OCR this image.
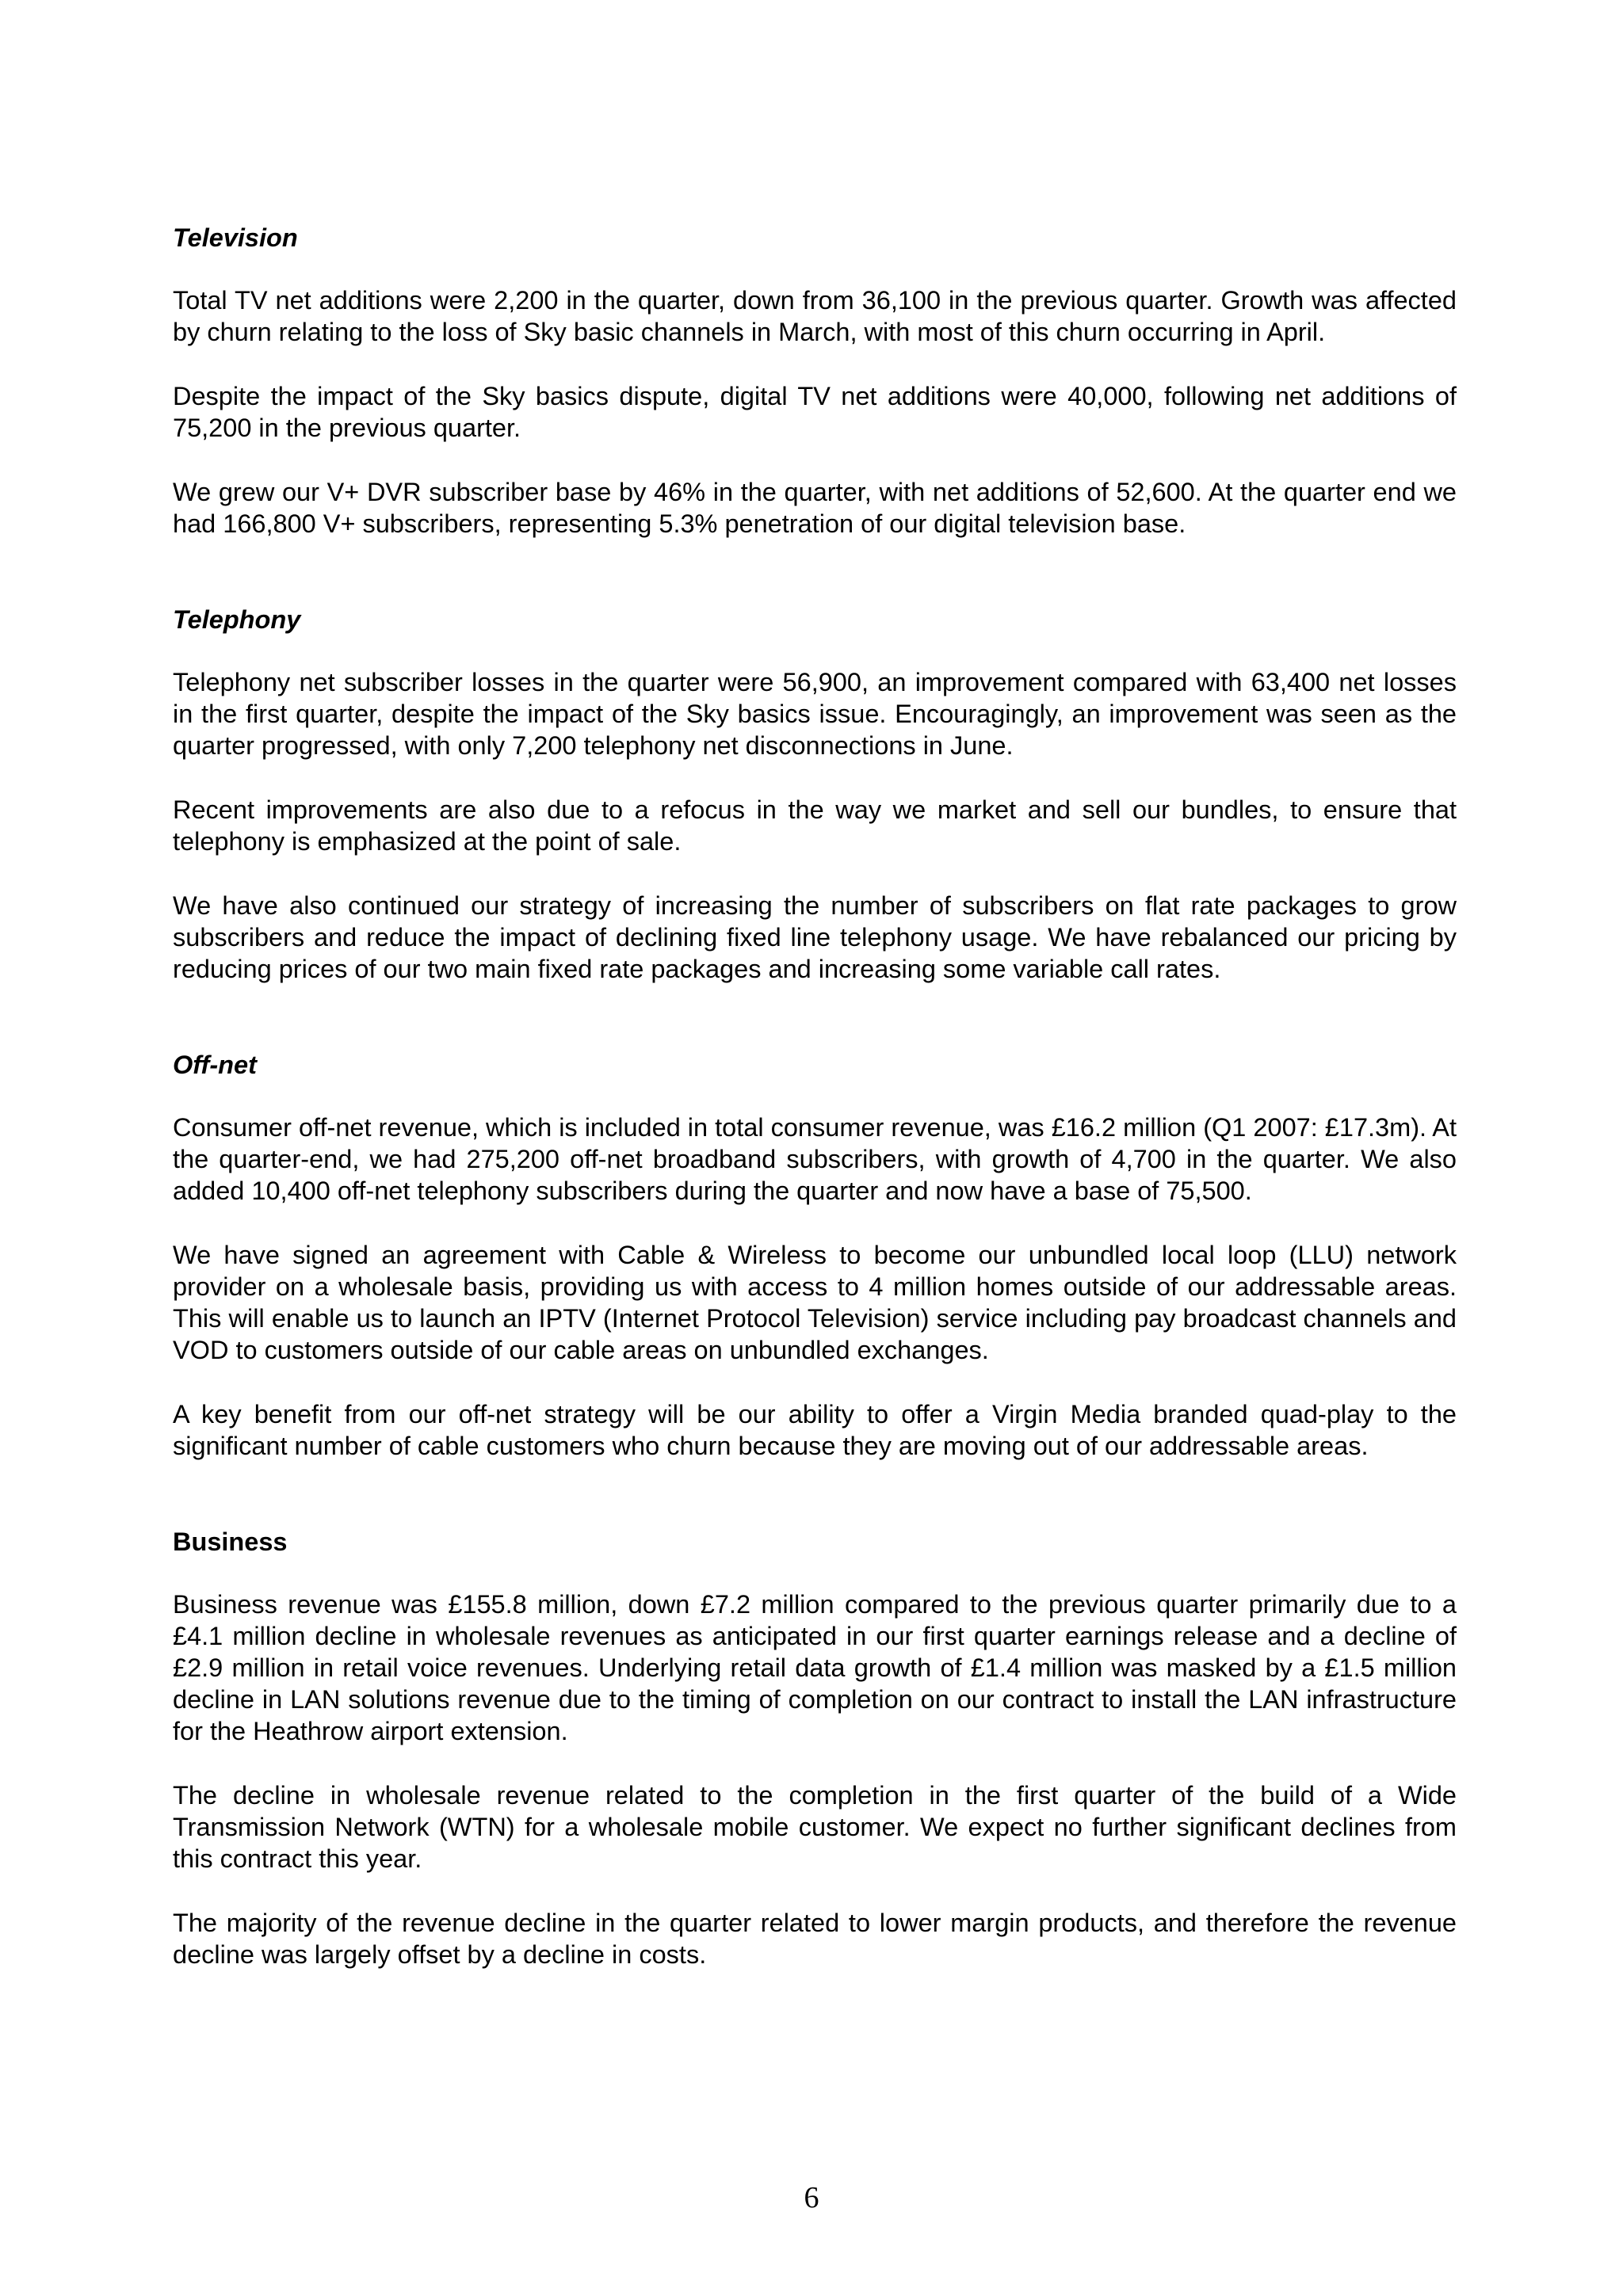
Television

Total TV net additions were 2,200 in the quarter, down from 36,100 in the previous quarter. Growth was affected by churn relating to the loss of Sky basic channels in March, with most of this churn occurring in April.

Despite the impact of the Sky basics dispute, digital TV net additions were 40,000, following net additions of 75,200 in the previous quarter.

We grew our V+ DVR subscriber base by 46% in the quarter, with net additions of 52,600. At the quarter end we had 166,800 V+ subscribers, representing 5.3% penetration of our digital television base.

Telephony

Telephony net subscriber losses in the quarter were 56,900, an improvement compared with 63,400 net losses in the first quarter, despite the impact of the Sky basics issue. Encouragingly, an improvement was seen as the quarter progressed, with only 7,200 telephony net disconnections in June.

Recent improvements are also due to a refocus in the way we market and sell our bundles, to ensure that telephony is emphasized at the point of sale.

We have also continued our strategy of increasing the number of subscribers on flat rate packages to grow subscribers and reduce the impact of declining fixed line telephony usage. We have rebalanced our pricing by reducing prices of our two main fixed rate packages and increasing some variable call rates.

Off-net

Consumer off-net revenue, which is included in total consumer revenue, was £16.2 million (Q1 2007: £17.3m). At the quarter-end, we had 275,200 off-net broadband subscribers, with growth of 4,700 in the quarter. We also added 10,400 off-net telephony subscribers during the quarter and now have a base of 75,500.

We have signed an agreement with Cable & Wireless to become our unbundled local loop (LLU) network provider on a wholesale basis, providing us with access to 4 million homes outside of our addressable areas. This will enable us to launch an IPTV (Internet Protocol Television) service including pay broadcast channels and VOD to customers outside of our cable areas on unbundled exchanges.

A key benefit from our off-net strategy will be our ability to offer a Virgin Media branded quad-play to the significant number of cable customers who churn because they are moving out of our addressable areas.

Business

Business revenue was £155.8 million, down £7.2 million compared to the previous quarter primarily due to a £4.1 million decline in wholesale revenues as anticipated in our first quarter earnings release and a decline of £2.9 million in retail voice revenues. Underlying retail data growth of £1.4 million was masked by a £1.5 million decline in LAN solutions revenue due to the timing of completion on our contract to install the LAN infrastructure for the Heathrow airport extension.

The decline in wholesale revenue related to the completion in the first quarter of the build of a Wide Transmission Network (WTN) for a wholesale mobile customer. We expect no further significant declines from this contract this year.

The majority of the revenue decline in the quarter related to lower margin products, and therefore the revenue decline was largely offset by a decline in costs.

6
